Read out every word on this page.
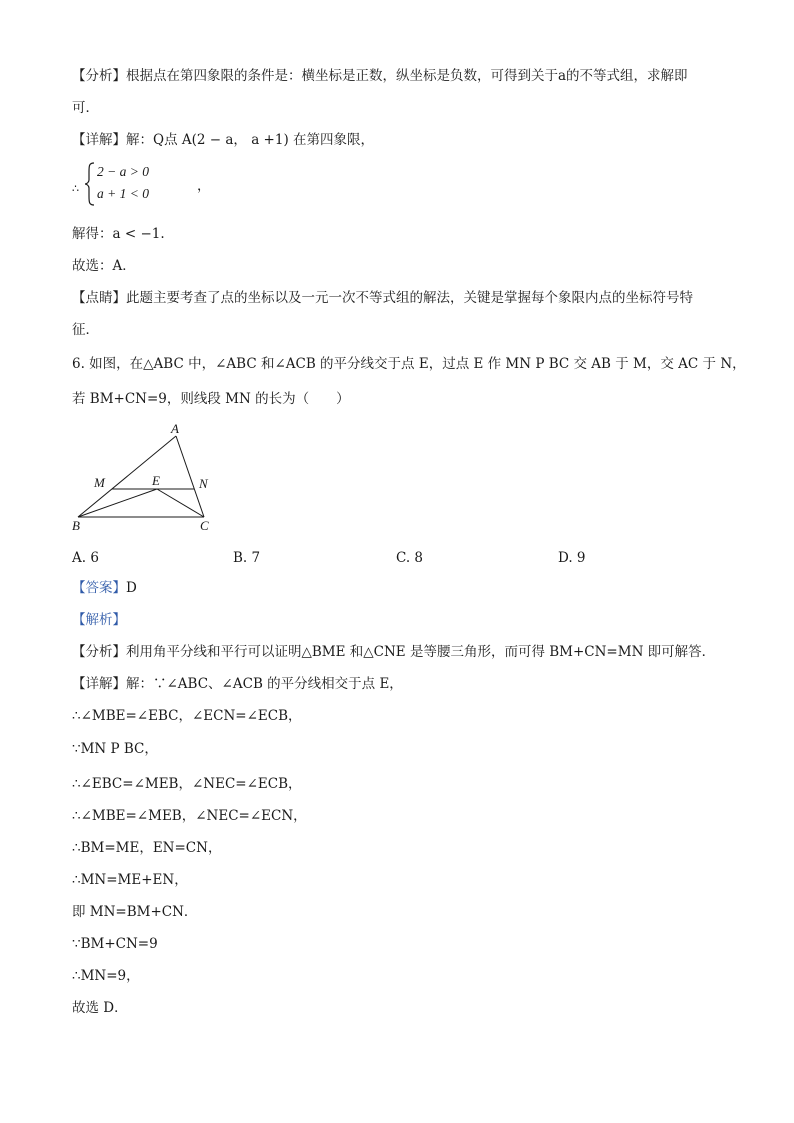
【分析】根据点在第四象限的条件是：横坐标是正数，纵坐标是负数，可得到关于a的不等式组，求解即
可．
【详解】解：Q点 A(2 − a， a +1) 在第四象限，
∴
2 − a > 0
a + 1 < 0	，
解得：a < −1.
故选：A．
【点睛】此题主要考查了点的坐标以及一元一次不等式组的解法，关键是掌握每个象限内点的坐标符号特
征．
6. 如图，在△ABC 中，∠ABC 和∠ACB 的平分线交于点 E，过点 E 作 MN P BC 交 AB 于 M，交 AC 于 N，
若 BM+CN=9，则线段 MN 的长为（　　）
A
M	E	N
B	C
A. 6	B. 7	C. 8	D. 9
【答案】D
【解析】
【分析】利用角平分线和平行可以证明△BME 和△CNE 是等腰三角形，而可得 BM+CN=MN 即可解答．
【详解】解：∵∠ABC、∠ACB 的平分线相交于点 E，
∴∠MBE=∠EBC，∠ECN=∠ECB，
∵MN P BC，
∴∠EBC=∠MEB，∠NEC=∠ECB，
∴∠MBE=∠MEB，∠NEC=∠ECN，
∴BM=ME，EN=CN，
∴MN=ME+EN，
即 MN=BM+CN．
∵BM+CN=9
∴MN=9，
故选 D．
